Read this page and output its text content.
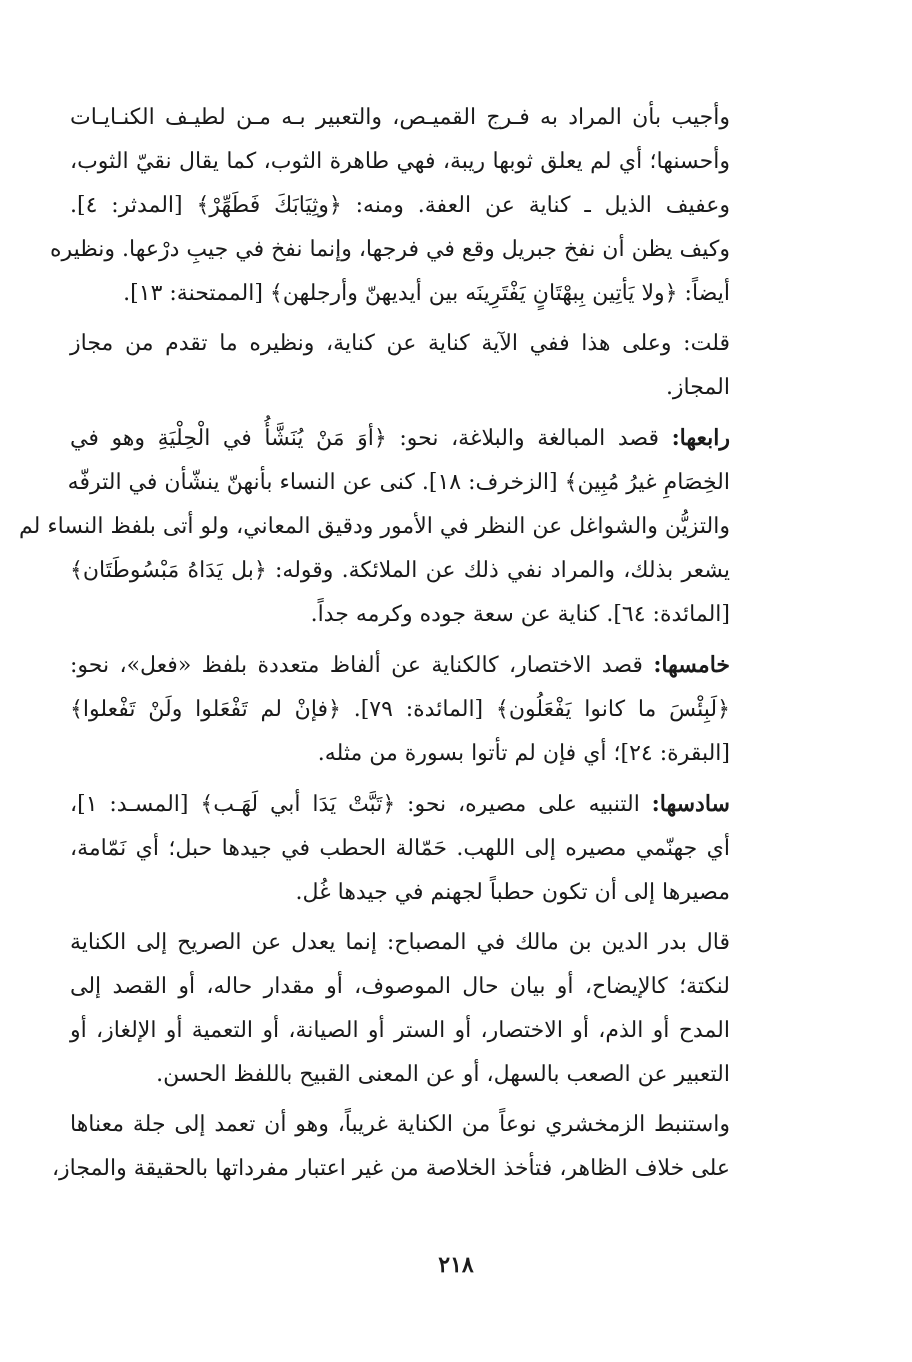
وأجيب بأن المراد به فـرج القميـص، والتعبير بـه مـن لطيـف الكنـايـات
وأحسنها؛ أي لم يعلق ثوبها ريبة، فهي طاهرة الثوب، كما يقال نقيّ الثوب،
وعفيف الذيل ـ كناية عن العفة. ومنه: ﴿وثِيَابَكَ فَطَهِّرْ﴾ [المدثر: ٤].
وكيف يظن أن نفخ جبريل وقع في فرجها، وإنما نفخ في جيبِ درْعها. ونظيره
أيضاً: ﴿ولا يَأتِين بِبهْتَانٍ يَفْتَرِينَه بين أيديهنّ وأرجلهن﴾ [الممتحنة: ١٣].
قلت: وعلى هذا ففي الآية كناية عن كناية، ونظيره ما تقدم من مجاز
المجاز.
رابعها: قصد المبالغة والبلاغة، نحو: ﴿أوَ مَنْ يُنَشَّأُ في الْحِلْيَةِ وهو في
الخِصَامِ غيرُ مُبِين﴾ [الزخرف: ١٨]. كنى عن النساء بأنهنّ ينشّأن في الترفّه
والتزيُّن والشواغل عن النظر في الأمور ودقيق المعاني، ولو أتى بلفظ النساء لم
يشعر بذلك، والمراد نفي ذلك عن الملائكة. وقوله: ﴿بل يَدَاهُ مَبْسُوطَتَان﴾
[المائدة: ٦٤]. كناية عن سعة جوده وكرمه جداً.
خامسها: قصد الاختصار، كالكناية عن ألفاظ متعددة بلفظ «فعل»، نحو:
﴿لَبِئْسَ ما كانوا يَفْعَلُون﴾ [المائدة: ٧٩]. ﴿فإنْ لم تَفْعَلوا ولَنْ تَفْعلوا﴾
[البقرة: ٢٤]؛ أي فإن لم تأتوا بسورة من مثله.
سادسها: التنبيه على مصيره، نحو: ﴿تَبَّتْ يَدَا أبي لَهَـب﴾ [المسـد: ١]،
أي جهنّمي مصيره إلى اللهب. حَمّالة الحطب في جيدها حبل؛ أي نَمّامة،
مصيرها إلى أن تكون حطباً لجهنم في جيدها غُل.
قال بدر الدين بن مالك في المصباح: إنما يعدل عن الصريح إلى الكناية
لنكتة؛ كالإيضاح، أو بيان حال الموصوف، أو مقدار حاله، أو القصد إلى
المدح أو الذم، أو الاختصار، أو الستر أو الصيانة، أو التعمية أو الإلغاز، أو
التعبير عن الصعب بالسهل، أو عن المعنى القبيح باللفظ الحسن.
واستنبط الزمخشري نوعاً من الكناية غريباً، وهو أن تعمد إلى جلة معناها
على خلاف الظاهر، فتأخذ الخلاصة من غير اعتبار مفرداتها بالحقيقة والمجاز،
٢١٨
